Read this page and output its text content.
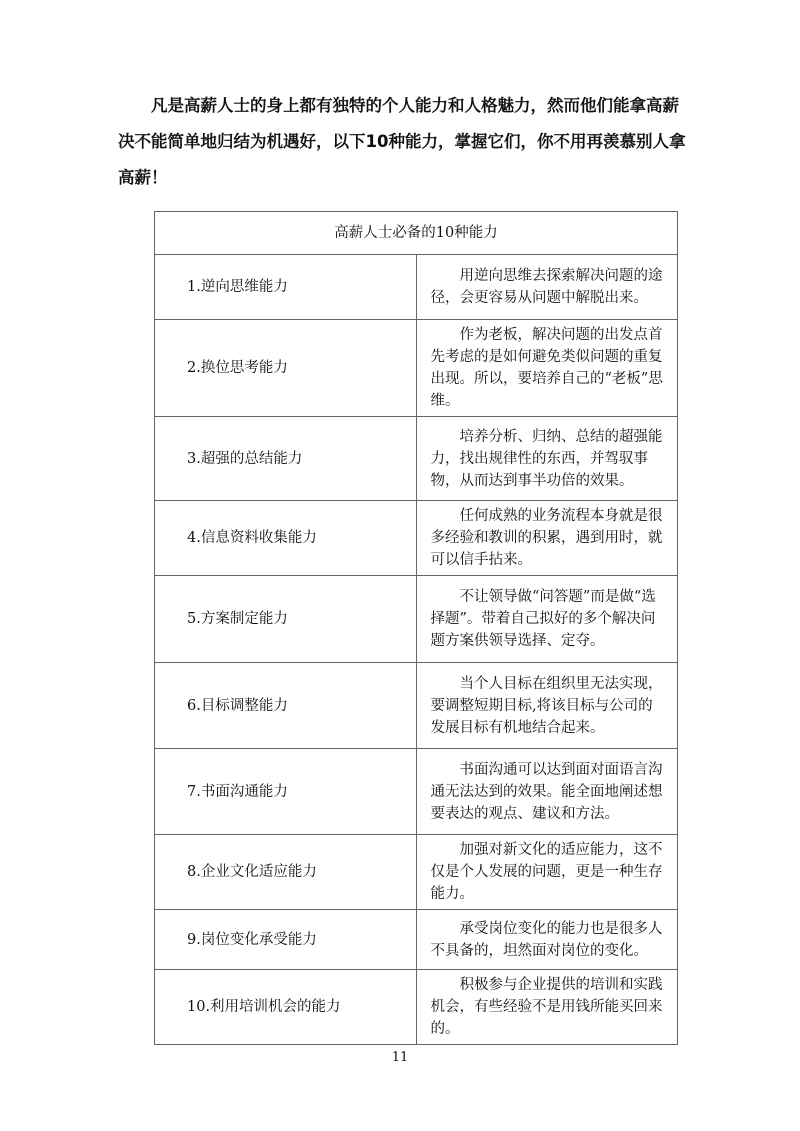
凡是高薪人士的身上都有独特的个人能力和人格魅力，然而他们能拿高薪决不能简单地归结为机遇好，以下10种能力，掌握它们，你不用再羡慕别人拿高薪！

高薪人士必备的10种能力	

1.逆向思维能力	用逆向思维去探索解决问题的途径，会更容易从问题中解脱出来。

2.换位思考能力	作为老板，解决问题的出发点首先考虑的是如何避免类似问题的重复出现。所以，要培养自己的“老板”思维。

3.超强的总结能力	培养分析、归纳、总结的超强能力，找出规律性的东西，并驾驭事物，从而达到事半功倍的效果。

4.信息资料收集能力	任何成熟的业务流程本身就是很多经验和教训的积累，遇到用时，就可以信手拈来。

5.方案制定能力	不让领导做“问答题”而是做“选择题”。带着自己拟好的多个解决问题方案供领导选择、定夺。

6.目标调整能力	当个人目标在组织里无法实现，要调整短期目标,将该目标与公司的发展目标有机地结合起来。

7.书面沟通能力	书面沟通可以达到面对面语言沟通无法达到的效果。能全面地阐述想要表达的观点、建议和方法。

8.企业文化适应能力	加强对新文化的适应能力，这不仅是个人发展的问题，更是一种生存能力。

9.岗位变化承受能力	承受岗位变化的能力也是很多人不具备的，坦然面对岗位的变化。

10.利用培训机会的能力	积极参与企业提供的培训和实践机会，有些经验不是用钱所能买回来的。
11
